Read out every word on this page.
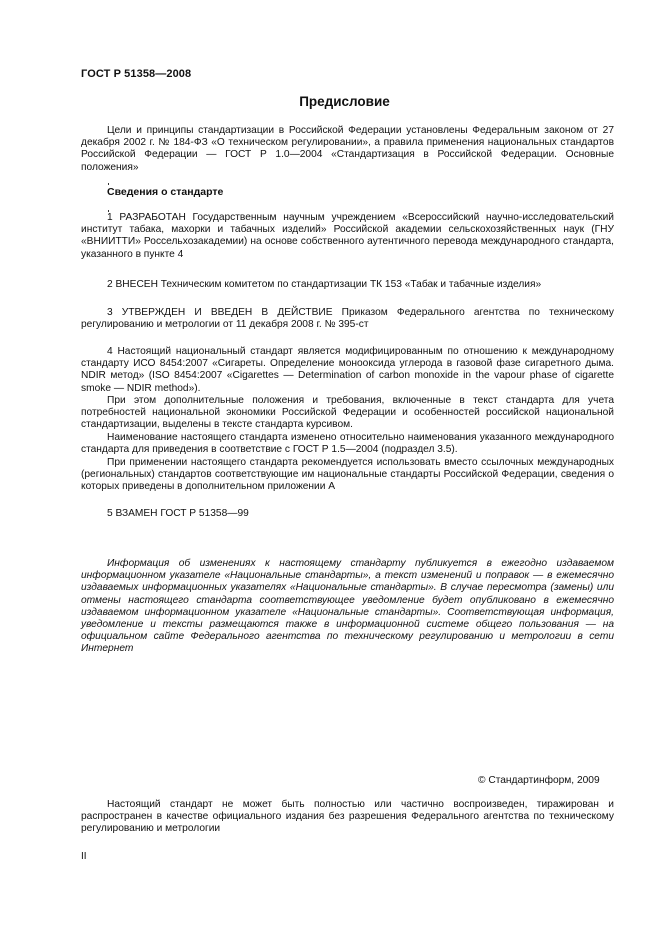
ГОСТ Р 51358—2008
Предисловие
Цели и принципы стандартизации в Российской Федерации установлены Федеральным законом от 27 декабря 2002 г. № 184-ФЗ «О техническом регулировании», а правила применения национальных стандартов Российской Федерации — ГОСТ Р 1.0—2004 «Стандартизация в Российской Федерации. Основные положения»
Сведения о стандарте
1 РАЗРАБОТАН Государственным научным учреждением «Всероссийский научно-исследовательский институт табака, махорки и табачных изделий» Российской академии сельскохозяйственных наук (ГНУ «ВНИИТТИ» Россельхозакадемии) на основе собственного аутентичного перевода международного стандарта, указанного в пункте 4
2 ВНЕСЕН Техническим комитетом по стандартизации ТК 153 «Табак и табачные изделия»
3 УТВЕРЖДЕН И ВВЕДЕН В ДЕЙСТВИЕ Приказом Федерального агентства по техническому регулированию и метрологии от 11 декабря 2008 г. № 395-ст
4 Настоящий национальный стандарт является модифицированным по отношению к международному стандарту ИСО 8454:2007 «Сигареты. Определение монооксида углерода в газовой фазе сигаретного дыма. NDIR метод» (ISO 8454:2007 «Cigarettes — Determination of carbon monoxide in the vapour phase of cigarette smoke — NDIR method»).
При этом дополнительные положения и требования, включенные в текст стандарта для учета потребностей национальной экономики Российской Федерации и особенностей российской национальной стандартизации, выделены в тексте стандарта курсивом.
Наименование настоящего стандарта изменено относительно наименования указанного международного стандарта для приведения в соответствие с ГОСТ Р 1.5—2004 (подраздел 3.5).
При применении настоящего стандарта рекомендуется использовать вместо ссылочных международных (региональных) стандартов соответствующие им национальные стандарты Российской Федерации, сведения о которых приведены в дополнительном приложении А
5 ВЗАМЕН ГОСТ Р 51358—99
Информация об изменениях к настоящему стандарту публикуется в ежегодно издаваемом информационном указателе «Национальные стандарты», а текст изменений и поправок — в ежемесячно издаваемых информационных указателях «Национальные стандарты». В случае пересмотра (замены) или отмены настоящего стандарта соответствующее уведомление будет опубликовано в ежемесячно издаваемом информационном указателе «Национальные стандарты». Соответствующая информация, уведомление и тексты размещаются также в информационной системе общего пользования — на официальном сайте Федерального агентства по техническому регулированию и метрологии в сети Интернет
© Стандартинформ, 2009
Настоящий стандарт не может быть полностью или частично воспроизведен, тиражирован и распространен в качестве официального издания без разрешения Федерального агентства по техническому регулированию и метрологии
II
